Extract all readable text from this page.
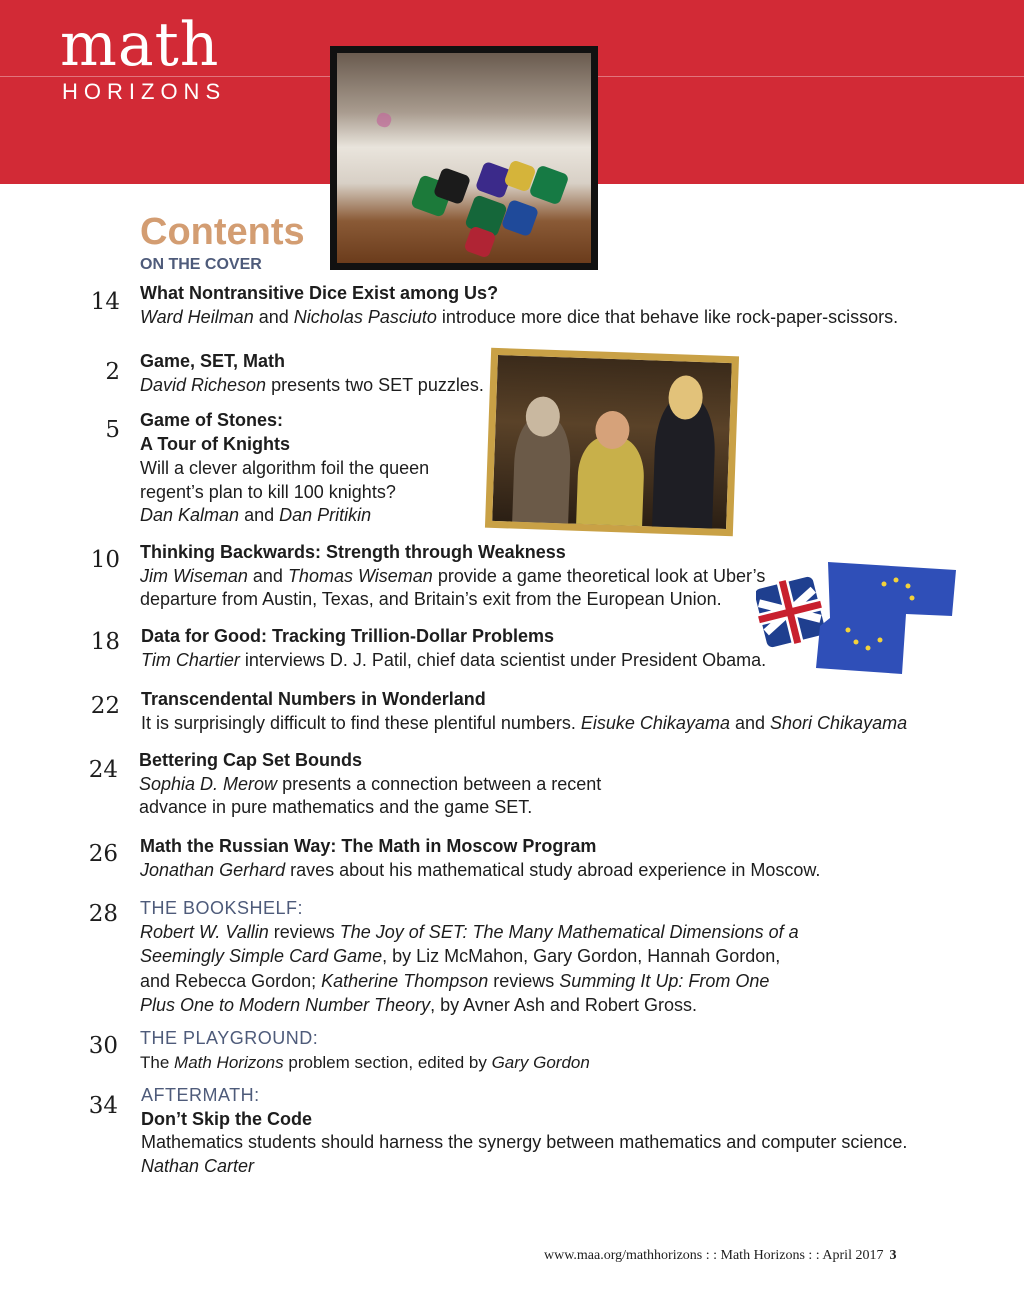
math
HORIZONS
Contents
ON THE COVER
14 What Nontransitive Dice Exist among Us?
Ward Heilman and Nicholas Pasciuto introduce more dice that behave like rock-paper-scissors.
2 Game, SET, Math
David Richeson presents two SET puzzles.
5 Game of Stones:
A Tour of Knights
Will a clever algorithm foil the queen
regent’s plan to kill 100 knights?
Dan Kalman and Dan Pritikin
10 Thinking Backwards: Strength through Weakness
Jim Wiseman and Thomas Wiseman provide a game theoretical look at Uber’s
departure from Austin, Texas, and Britain’s exit from the European Union.
18 Data for Good: Tracking Trillion-Dollar Problems
Tim Chartier interviews D. J. Patil, chief data scientist under President Obama.
22 Transcendental Numbers in Wonderland
It is surprisingly difficult to find these plentiful numbers. Eisuke Chikayama and Shori Chikayama
24 Bettering Cap Set Bounds
Sophia D. Merow presents a connection between a recent
advance in pure mathematics and the game SET.
26 Math the Russian Way: The Math in Moscow Program
Jonathan Gerhard raves about his mathematical study abroad experience in Moscow.
28 THE BOOKSHELF:
Robert W. Vallin reviews The Joy of SET: The Many Mathematical Dimensions of a
Seemingly Simple Card Game, by Liz McMahon, Gary Gordon, Hannah Gordon,
and Rebecca Gordon; Katherine Thompson reviews Summing It Up: From One
Plus One to Modern Number Theory, by Avner Ash and Robert Gross.
30 THE PLAYGROUND:
The Math Horizons problem section, edited by Gary Gordon
34 AFTERMATH:
Don’t Skip the Code
Mathematics students should harness the synergy between mathematics and computer science.
Nathan Carter
www.maa.org/mathhorizons : : Math Horizons : : April 2017 3
